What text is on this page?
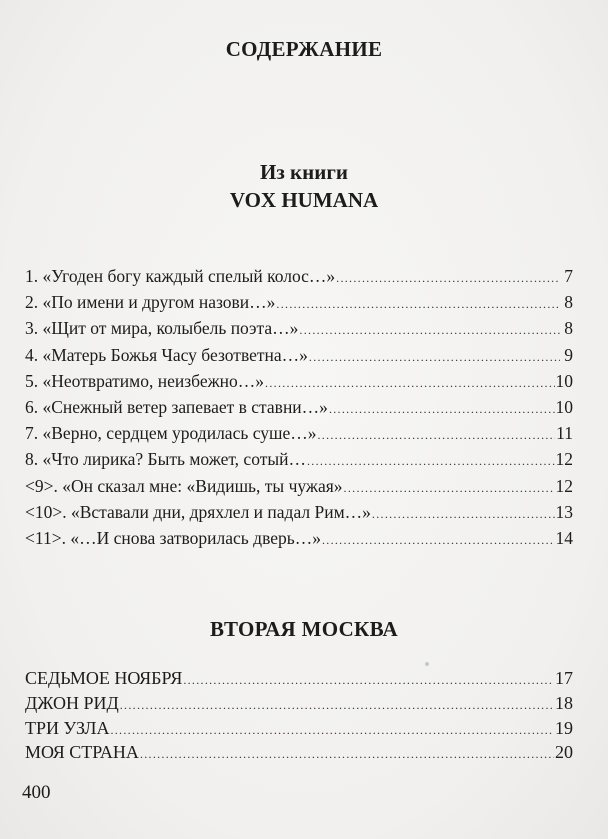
СОДЕРЖАНИЕ
Из книги
VOX HUMANA
1. «Угоден богу каждый спелый колос…» .....	7
2. «По имени и другом назови…» .....	8
3. «Щит от мира, колыбель поэта…» .....	8
4. «Матерь Божья Часу безответна…» .....	9
5. «Неотвратимо, неизбежно…» .....	10
6. «Снежный ветер запевает в ставни…» .....	10
7. «Верно, сердцем уродилась суше…» .....	11
8. «Что лирика? Быть может, сотый… .....	12
<9>. «Он сказал мне: «Видишь, ты чужая» .....	12
<10>. «Вставали дни, дряхлел и падал Рим…» .....	13
<11>. «…И снова затворилась дверь…» .....	14
ВТОРАЯ МОСКВА
СЕДЬМОЕ НОЯБРЯ .....	17
ДЖОН РИД .....	18
ТРИ УЗЛА .....	19
МОЯ СТРАНА .....	20
400
